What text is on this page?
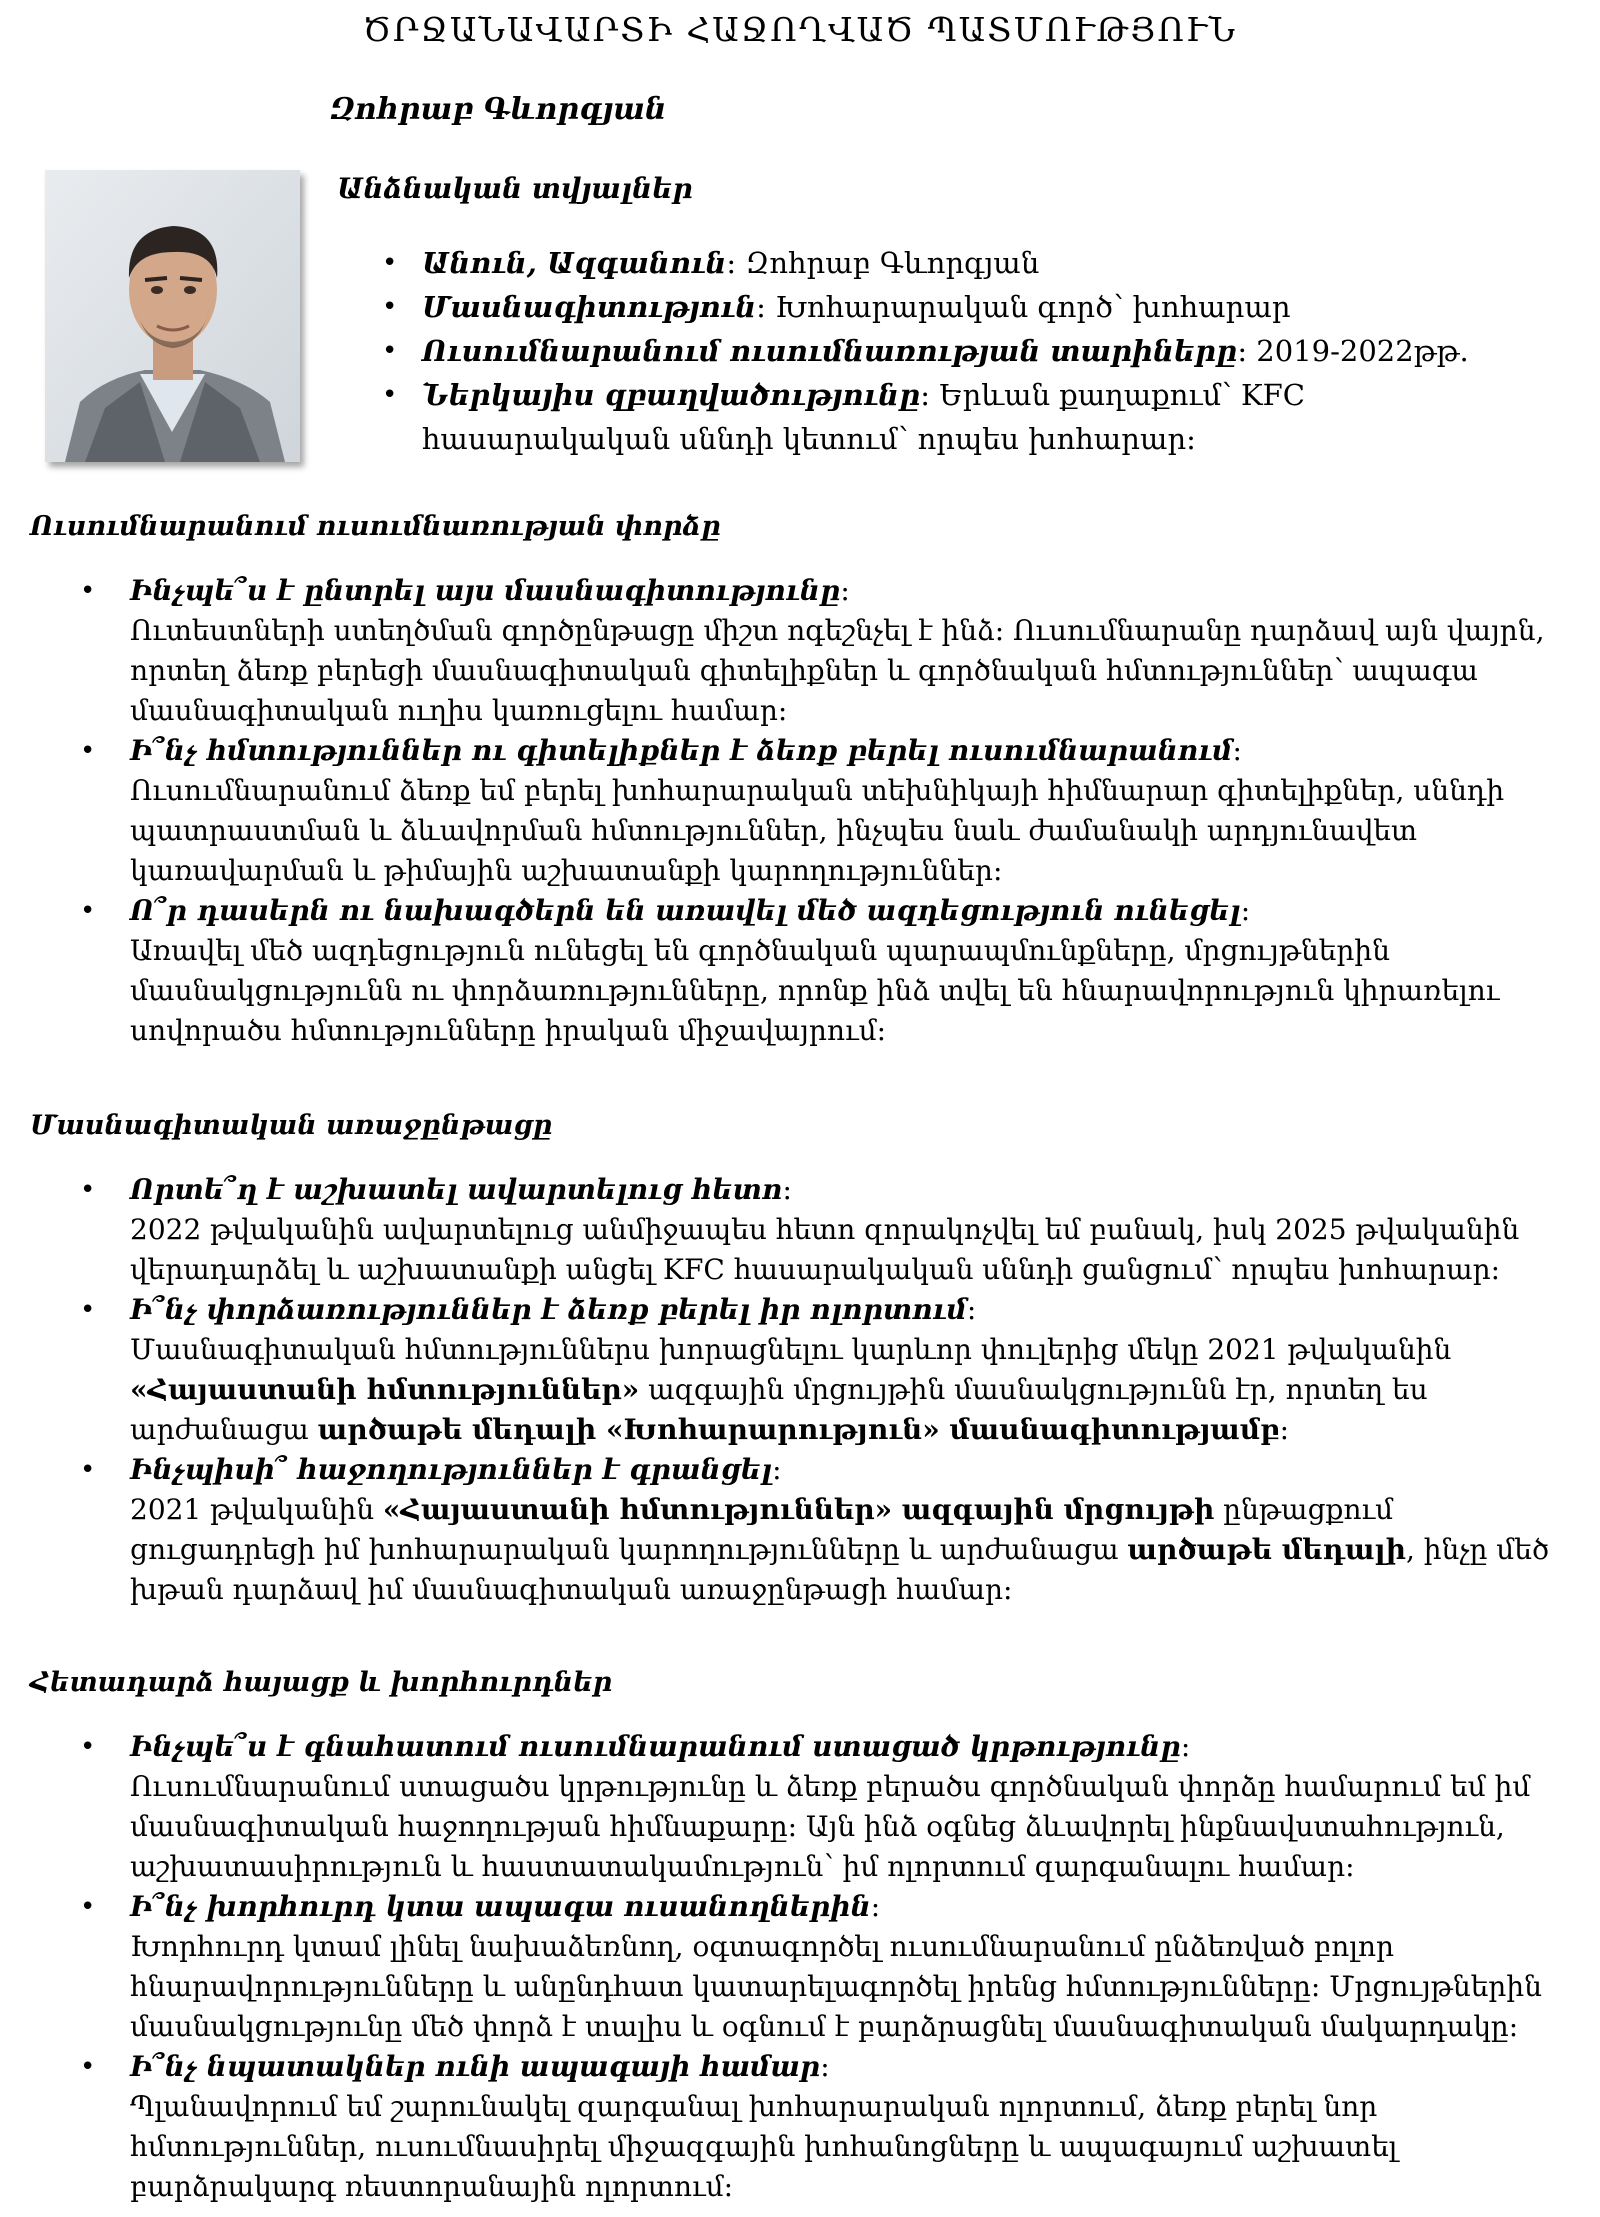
ԾՐՋԱՆԱՎԱՐՏԻ ՀԱՋՈՂՎԱԾ ՊԱՏՄՈՒԹՅՈՒՆ
Զոհրաբ Գևորգյան
Անձնական տվյալներ
• Անուն, Ազգանուն: Զոհրաբ Գևորգյան
• Մասնագիտություն: Խոհարարական գործ՝ խոհարար
• Ուսումնարանում ուսումնառության տարիները: 2019-2022թթ.
• Ներկայիս զբաղվածությունը: Երևան քաղաքում՝ KFC հասարակական սննդի կետում՝ որպես խոհարար:
Ուսումնարանում ուսումնառության փորձը
• Ինչպե՞ս է ընտրել այս մասնագիտությունը:
Ուտեստների ստեղծման գործընթացը միշտ ոգեշնչել է ինձ: Ուսումնարանը դարձավ այն վայրն, որտեղ ձեռք բերեցի մասնագիտական գիտելիքներ և գործնական հմտություններ՝ ապագա մասնագիտական ուղիս կառուցելու համար:
• Ի՞նչ հմտություններ ու գիտելիքներ է ձեռք բերել ուսումնարանում:
Ուսումնարանում ձեռք եմ բերել խոհարարական տեխնիկայի հիմնարար գիտելիքներ, սննդի պատրաստման և ձևավորման հմտություններ, ինչպես նաև ժամանակի արդյունավետ կառավարման և թիմային աշխատանքի կարողություններ:
• Ո՞ր դասերն ու նախագծերն են առավել մեծ ազդեցություն ունեցել:
Առավել մեծ ազդեցություն ունեցել են գործնական պարապմունքները, մրցույթներին մասնակցությունն ու փորձառությունները, որոնք ինձ տվել են հնարավորություն կիրառելու սովորածս հմտությունները իրական միջավայրում:
Մասնագիտական առաջընթացը
• Որտե՞ղ է աշխատել ավարտելուց հետո:
2022 թվականին ավարտելուց անմիջապես հետո զորակոչվել եմ բանակ, իսկ 2025 թվականին վերադարձել և աշխատանքի անցել KFC հասարակական սննդի ցանցում՝ որպես խոհարար:
• Ի՞նչ փորձառություններ է ձեռք բերել իր ոլորտում:
Մասնագիտական հմտություններս խորացնելու կարևոր փուլերից մեկը 2021 թվականին «Հայաստանի հմտություններ» ազգային մրցույթին մասնակցությունն էր, որտեղ ես արժանացա արծաթե մեդալի «Խոհարարություն» մասնագիտությամբ:
• Ինչպիսի՞ հաջողություններ է գրանցել:
2021 թվականին «Հայաստանի հմտություններ» ազգային մրցույթի ընթացքում ցուցադրեցի իմ խոհարարական կարողությունները և արժանացա արծաթե մեդալի, ինչը մեծ խթան դարձավ իմ մասնագիտական առաջընթացի համար:
Հետադարձ հայացք և խորհուրդներ
• Ինչպե՞ս է գնահատում ուսումնարանում ստացած կրթությունը:
Ուսումնարանում ստացածս կրթությունը և ձեռք բերածս գործնական փորձը համարում եմ իմ մասնագիտական հաջողության հիմնաքարը: Այն ինձ օգնեց ձևավորել ինքնավստահություն, աշխատասիրություն և հաստատակամություն՝ իմ ոլորտում զարգանալու համար:
• Ի՞նչ խորհուրդ կտա ապագա ուսանողներին:
Խորհուրդ կտամ լինել նախաձեռնող, օգտագործել ուսումնարանում ընձեռված բոլոր հնարավորությունները և անընդհատ կատարելագործել իրենց հմտությունները: Մրցույթներին մասնակցությունը մեծ փորձ է տալիս և օգնում է բարձրացնել մասնագիտական մակարդակը:
• Ի՞նչ նպատակներ ունի ապագայի համար:
Պլանավորում եմ շարունակել զարգանալ խոհարարական ոլորտում, ձեռք բերել նոր հմտություններ, ուսումնասիրել միջազգային խոհանոցները և ապագայում աշխատել բարձրակարգ ռեստորանային ոլորտում:
